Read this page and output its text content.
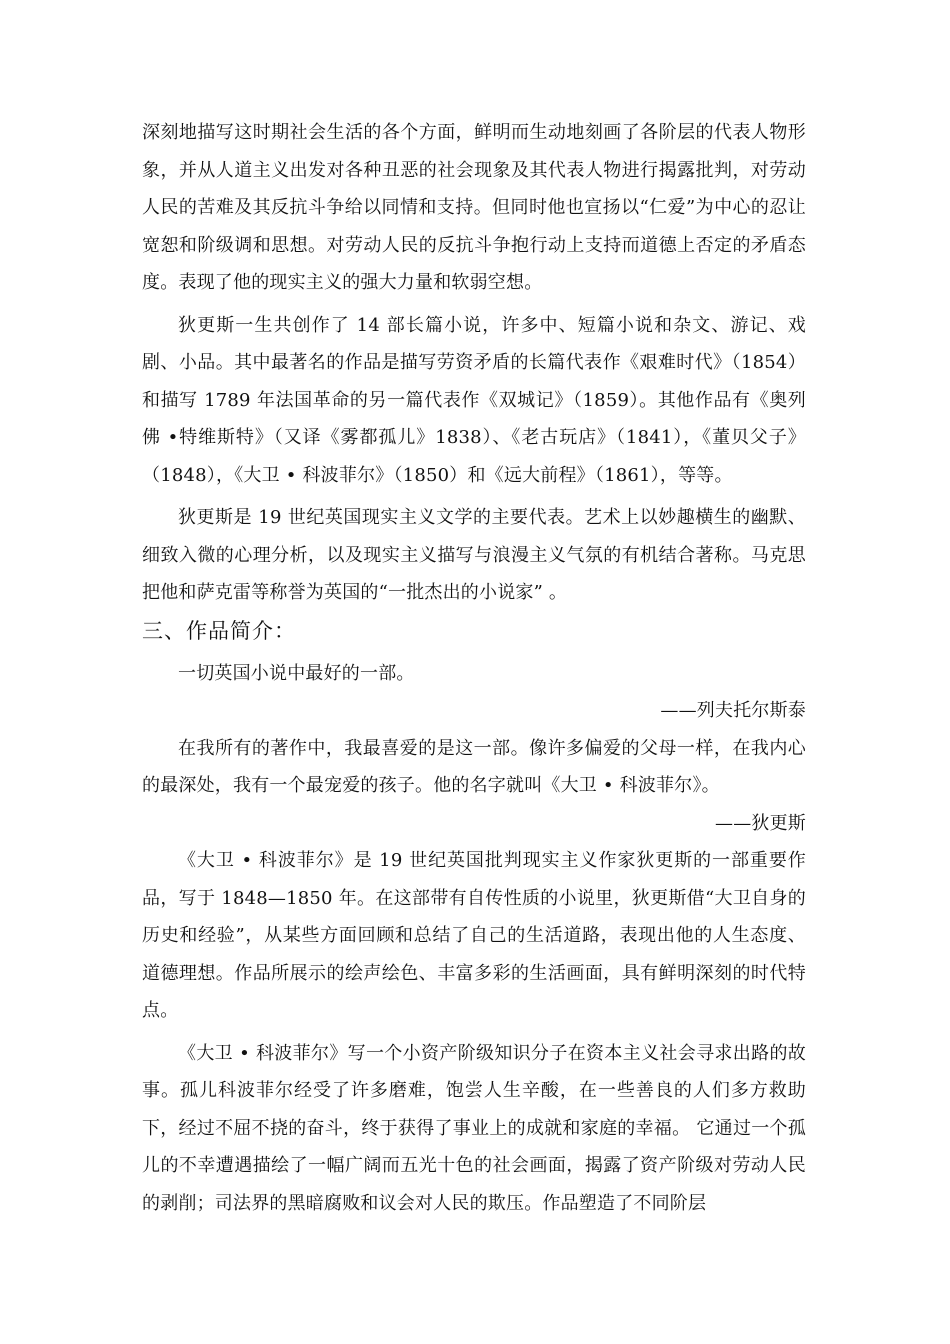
深刻地描写这时期社会生活的各个方面，鲜明而生动地刻画了各阶层的代表人物形象，并从人道主义出发对各种丑恶的社会现象及其代表人物进行揭露批判，对劳动人民的苦难及其反抗斗争给以同情和支持。但同时他也宣扬以“仁爱”为中心的忍让宽恕和阶级调和思想。对劳动人民的反抗斗争抱行动上支持而道德上否定的矛盾态度。表现了他的现实主义的强大力量和软弱空想。

狄更斯一生共创作了 14 部长篇小说，许多中、短篇小说和杂文、游记、戏剧、小品。其中最著名的作品是描写劳资矛盾的长篇代表作《艰难时代》（1854）和描写 1789 年法国革命的另一篇代表作《双城记》（1859）。其他作品有《奥列佛 •特维斯特》（又译《雾都孤儿》1838）、《老古玩店》（1841），《董贝父子》（1848），《大卫 • 科波菲尔》（1850）和《远大前程》（1861），等等。

狄更斯是 19 世纪英国现实主义文学的主要代表。艺术上以妙趣横生的幽默、细致入微的心理分析，以及现实主义描写与浪漫主义气氛的有机结合著称。马克思把他和萨克雷等称誉为英国的“一批杰出的小说家” 。

三、作品简介：

一切英国小说中最好的一部。

——列夫托尔斯泰

在我所有的著作中，我最喜爱的是这一部。像许多偏爱的父母一样，在我内心的最深处，我有一个最宠爱的孩子。他的名字就叫《大卫 • 科波菲尔》。

——狄更斯

《大卫 • 科波菲尔》是 19 世纪英国批判现实主义作家狄更斯的一部重要作品，写于 1848—1850 年。在这部带有自传性质的小说里，狄更斯借“大卫自身的历史和经验”，从某些方面回顾和总结了自己的生活道路，表现出他的人生态度、道德理想。作品所展示的绘声绘色、丰富多彩的生活画面，具有鲜明深刻的时代特点。

《大卫 • 科波菲尔》写一个小资产阶级知识分子在资本主义社会寻求出路的故事。孤儿科波菲尔经受了许多磨难，饱尝人生辛酸，在一些善良的人们多方救助下，经过不屈不挠的奋斗，终于获得了事业上的成就和家庭的幸福。 它通过一个孤儿的不幸遭遇描绘了一幅广阔而五光十色的社会画面，揭露了资产阶级对劳动人民的剥削；司法界的黑暗腐败和议会对人民的欺压。作品塑造了不同阶层
